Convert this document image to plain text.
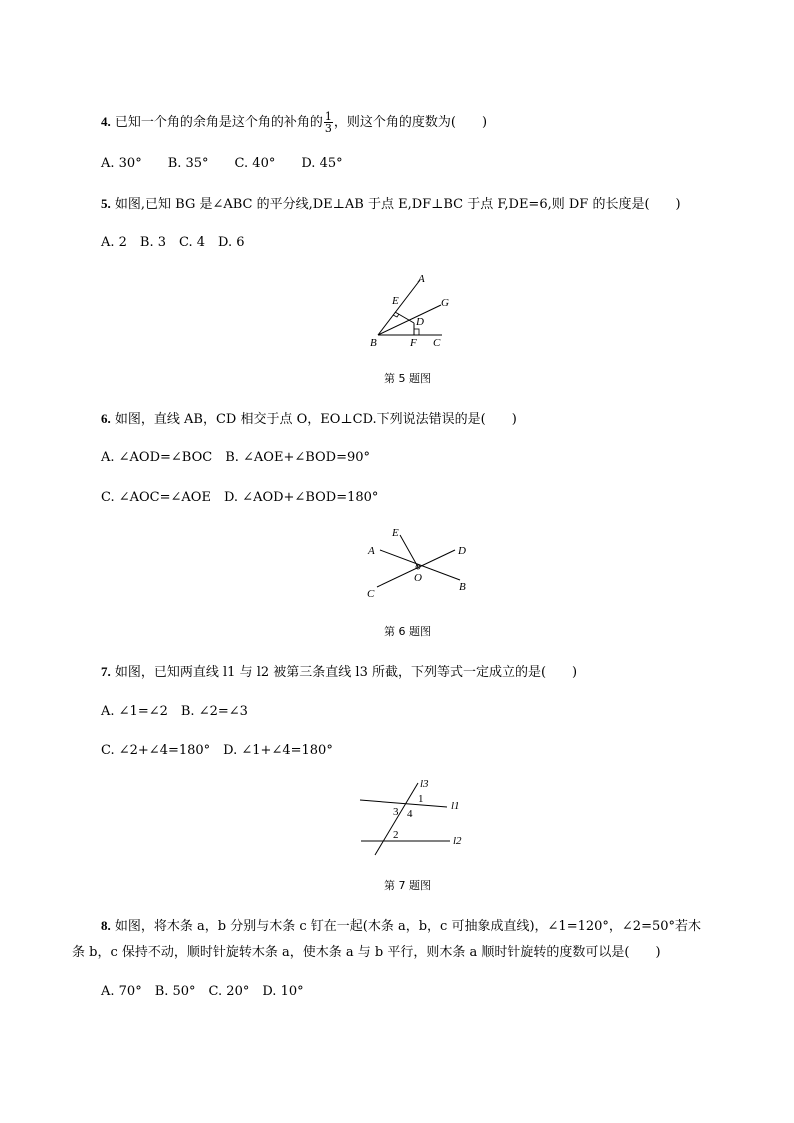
4. 已知一个角的余角是这个角的补角的 $\frac{1}{3}$ ，则这个角的度数为(　　)
A. 30°　　B. 35°　　C. 40°　　D. 45°
5. 如图,已知 BG 是∠ABC 的平分线,DE⊥AB 于点 E,DF⊥BC 于点 F,DE=6,则 DF 的长度是(　　)
A. 2　B. 3　C. 4　D. 6
A
E	G
D
B	F C
第 5 题图
6. 如图，直线 AB，CD 相交于点 O，EO⊥CD.下列说法错误的是(　　)
A. ∠AOD=∠BOC　B. ∠AOE+∠BOD=90°
C. ∠AOC=∠AOE　D. ∠AOD+∠BOD=180°
E
A	D
O
C
B
第 6 题图
7. 如图，已知两直线 l1 与 l2 被第三条直线 l3 所截，下列等式一定成立的是(　　)
A. ∠1=∠2　B. ∠2=∠3
C. ∠2+∠4=180°　D. ∠1+∠4=180°
l3
l1
l2
1
3 4
2
第 7 题图
8. 如图，将木条 a，b 分别与木条 c 钉在一起(木条 a，b，c 可抽象成直线)，∠1=120°，∠2=50°若木
条 b，c 保持不动，顺时针旋转木条 a，使木条 a 与 b 平行，则木条 a 顺时针旋转的度数可以是(　　)
A. 70°　B. 50°　C. 20°　D. 10°
